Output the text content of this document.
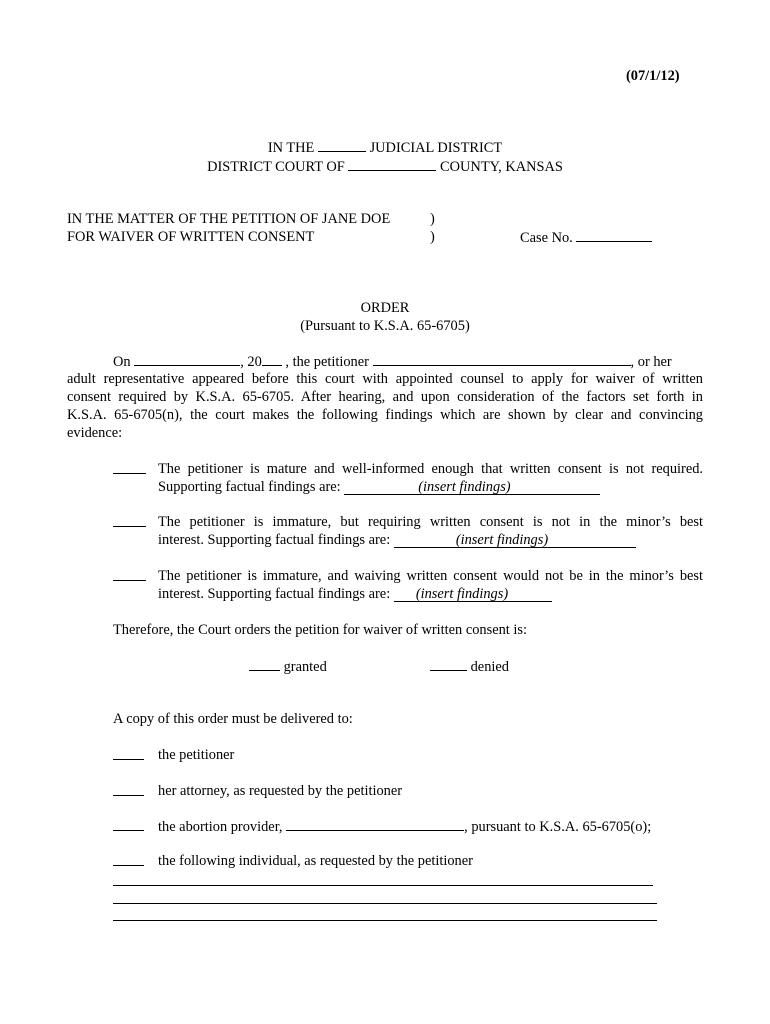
(07/1/12)
IN THE	JUDICIAL DISTRICT
DISTRICT COURT OF	COUNTY, KANSAS
IN THE MATTER OF THE PETITION OF JANE DOE
FOR WAIVER OF WRITTEN CONSENT
)
)	Case No.
ORDER
(Pursuant to K.S.A. 65-6705)
On	, 20 , the petitioner	, or her
adult representative appeared before this court with appointed counsel to apply for waiver of written
consent required by K.S.A. 65-6705. After hearing, and upon consideration of the factors set forth in
K.S.A. 65-6705(n), the court makes the following findings which are shown by clear and convincing
evidence:
The petitioner is mature and well-informed enough that written consent is not required.
Supporting factual findings are:	(insert findings)
The petitioner is immature, but requiring written consent is not in the minor’s best
interest. Supporting factual findings are:	(insert findings)
The petitioner is immature, and waiving written consent would not be in the minor’s best
interest. Supporting factual findings are: (insert findings)
Therefore, the Court orders the petition for waiver of written consent is:
granted	denied
A copy of this order must be delivered to:
the petitioner
her attorney, as requested by the petitioner
the abortion provider,	, pursuant to K.S.A. 65-6705(o);
the following individual, as requested by the petitioner
